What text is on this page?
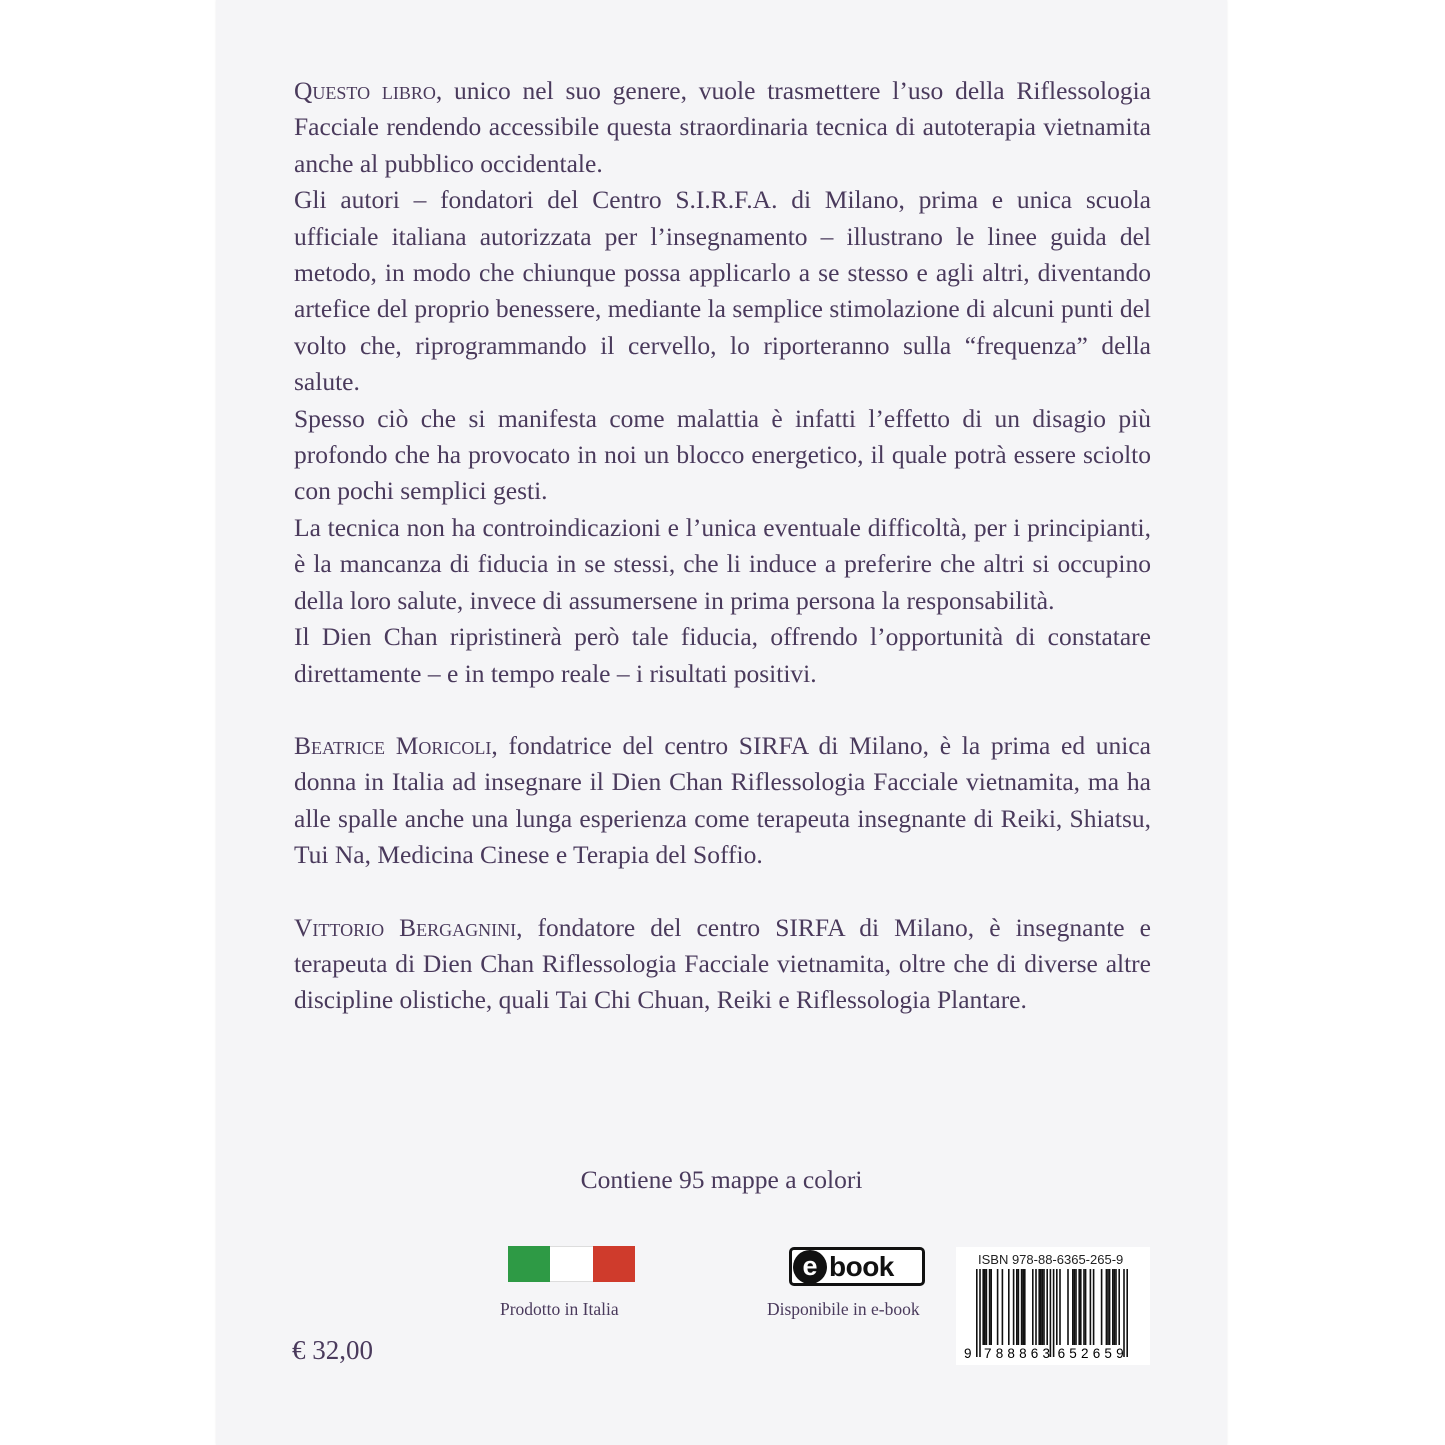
Questo libro, unico nel suo genere, vuole trasmettere l’uso della Riflessologia Facciale rendendo accessibile questa straordinaria tecnica di autoterapia vietnamita anche al pubblico occidentale.

Gli autori – fondatori del Centro S.I.R.F.A. di Milano, prima e unica scuola ufficiale italiana autorizzata per l’insegnamento – illustrano le linee guida del metodo, in modo che chiunque possa applicarlo a se stesso e agli altri, diventando artefice del proprio benessere, mediante la semplice stimolazione di alcuni punti del volto che, riprogrammando il cervello, lo riporteranno sulla “frequenza” della salute.

Spesso ciò che si manifesta come malattia è infatti l’effetto di un disagio più profondo che ha provocato in noi un blocco energetico, il quale potrà essere sciolto con pochi semplici gesti.

La tecnica non ha controindicazioni e l’unica eventuale difficoltà, per i principianti, è la mancanza di fiducia in se stessi, che li induce a preferire che altri si occupino della loro salute, invece di assumersene in prima persona la responsabilità.

Il Dien Chan ripristinerà però tale fiducia, offrendo l’opportunità di constatare direttamente – e in tempo reale – i risultati positivi.

Beatrice Moricoli, fondatrice del centro SIRFA di Milano, è la prima ed unica donna in Italia ad insegnare il Dien Chan Riflessologia Facciale vietnamita, ma ha alle spalle anche una lunga esperienza come terapeuta insegnante di Reiki, Shiatsu, Tui Na, Medicina Cinese e Terapia del Soffio.

Vittorio Bergagnini, fondatore del centro SIRFA di Milano, è insegnante e terapeuta di Dien Chan Riflessologia Facciale vietnamita, oltre che di diverse altre discipline olistiche, quali Tai Chi Chuan, Reiki e Riflessologia Plantare.

Contiene 95 mappe a colori
Prodotto in Italia
e book
Disponibile in e-book
€ 32,00
ISBN 978-88-6365-265-9
9 788863 652659
